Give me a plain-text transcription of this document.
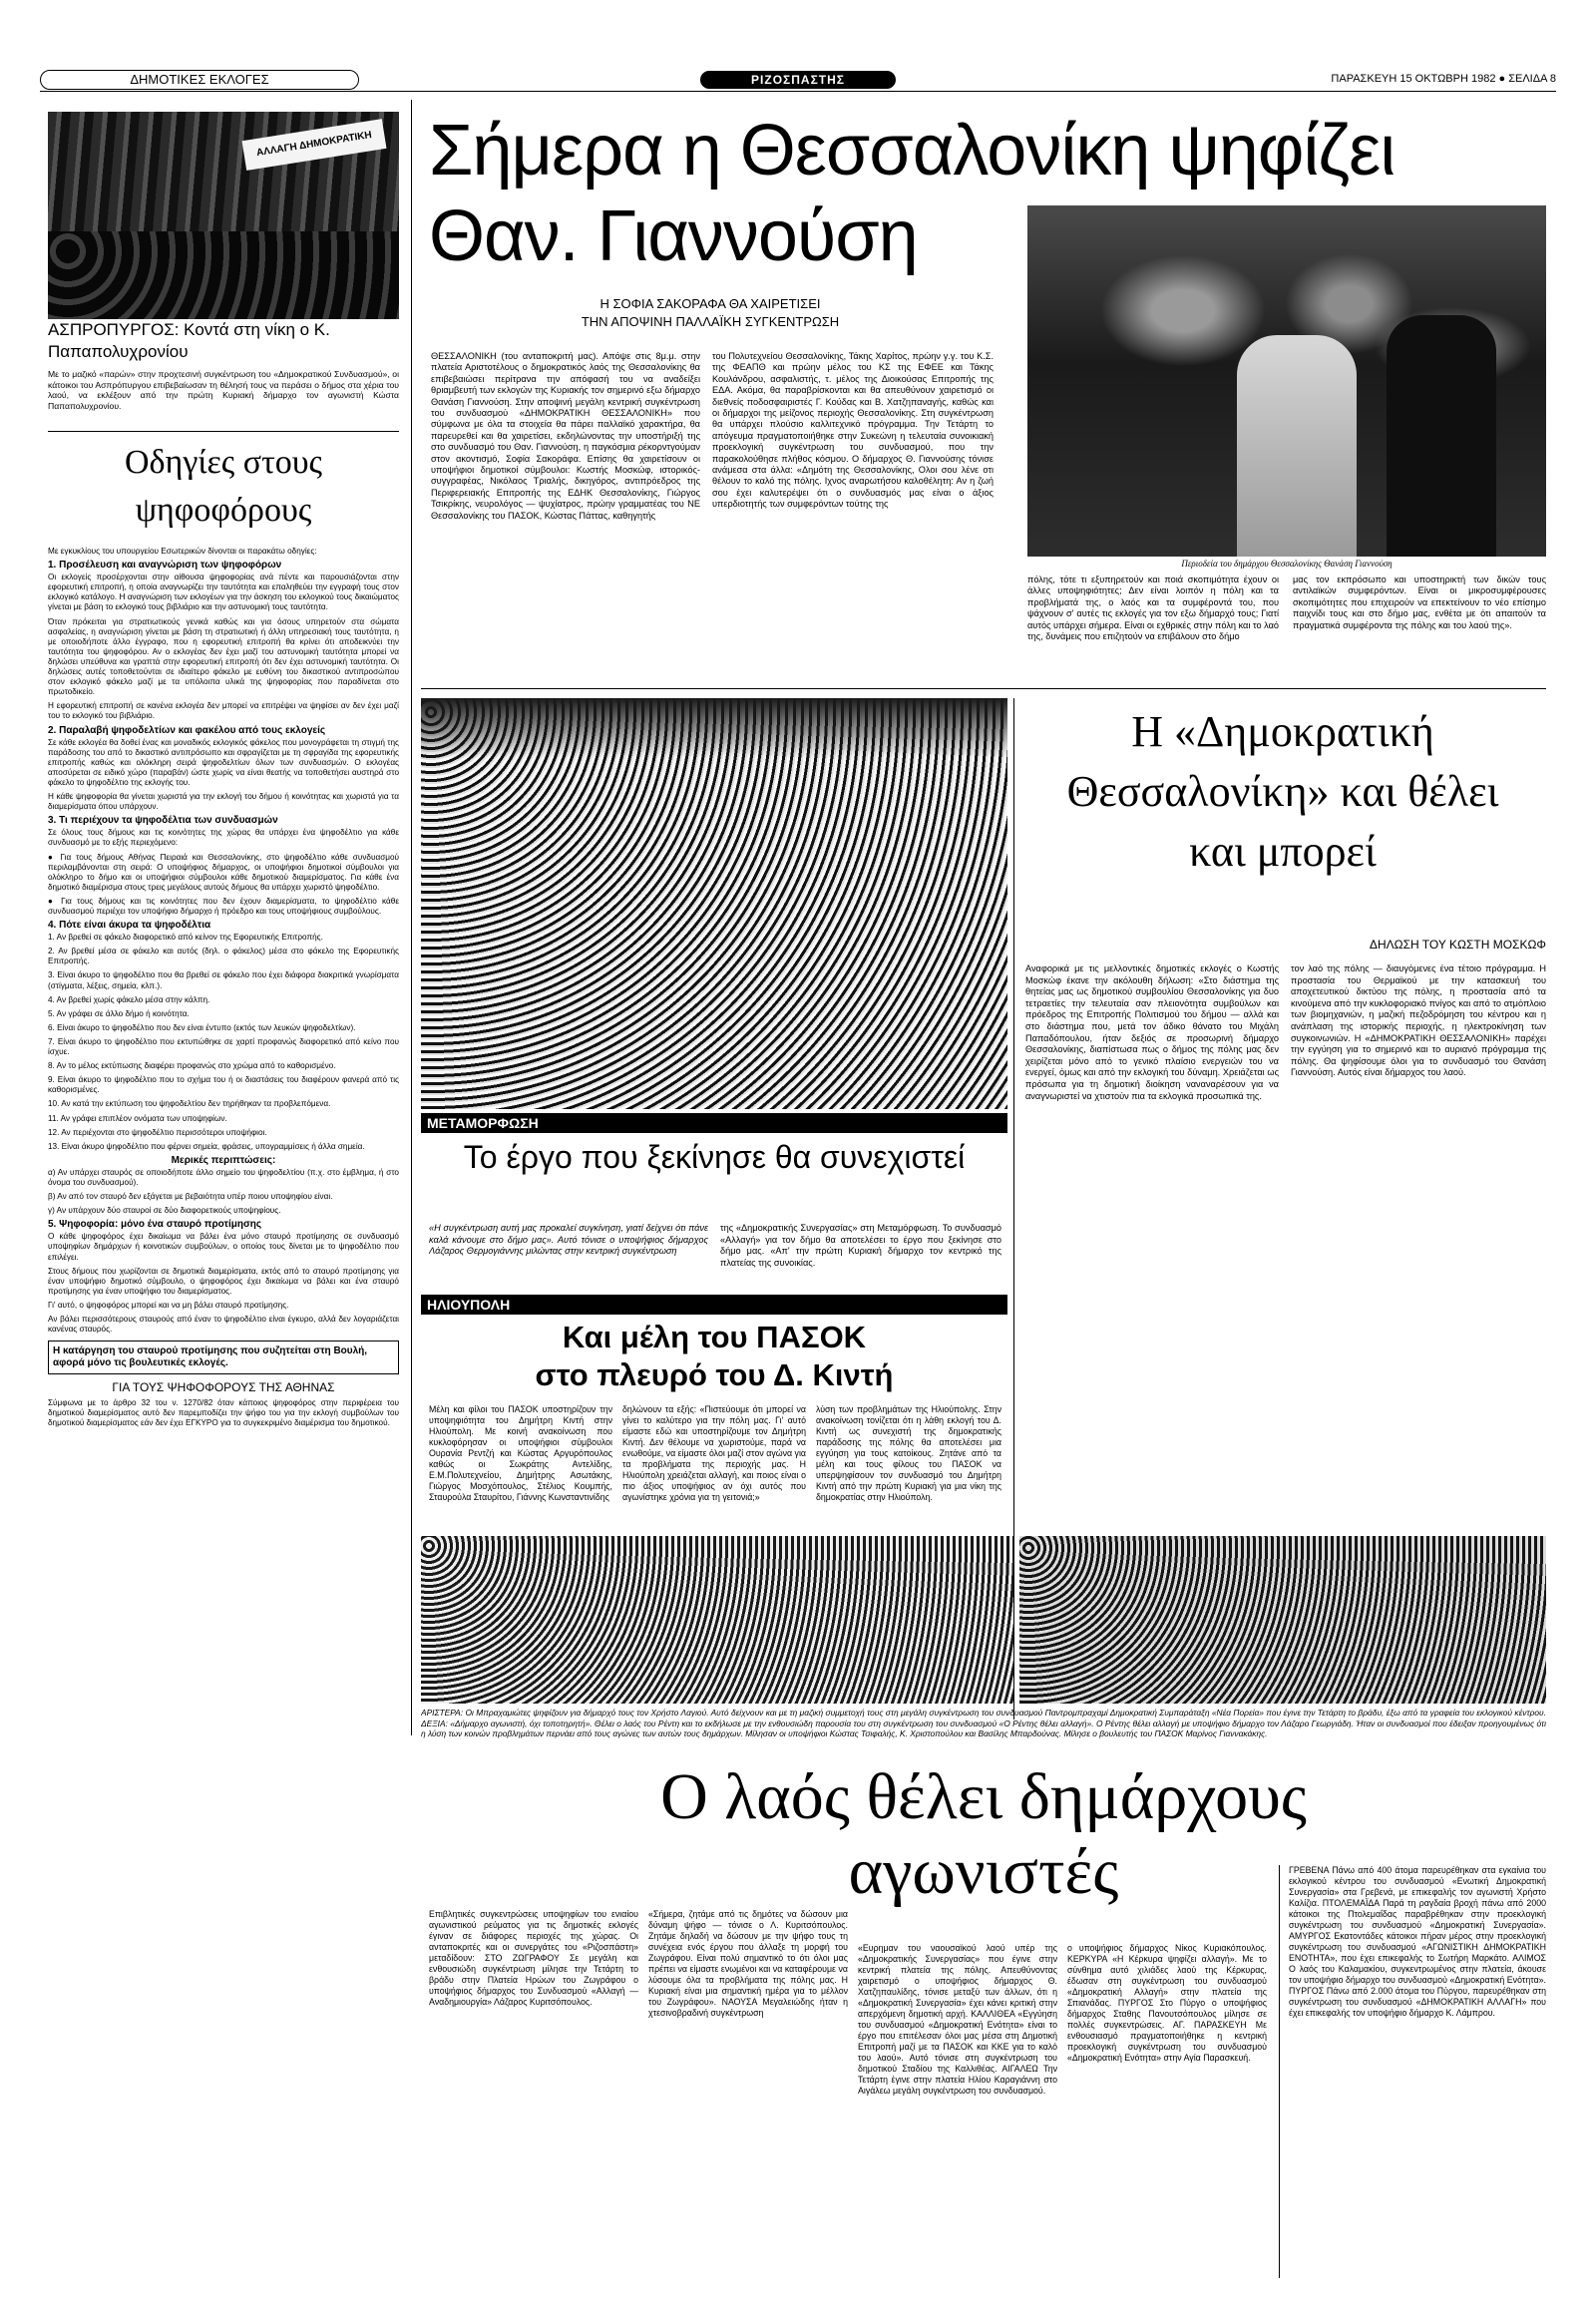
ΔΗΜΟΤΙΚΕΣ ΕΚΛΟΓΕΣ	ΡΙΖΟΣΠΑΣΤΗΣ	ΠΑΡΑΣΚΕΥΗ 15 ΟΚΤΩΒΡΗ 1982 ● ΣΕΛΙΔΑ 8
ΑΛΛΑΓΗ ΔΗΜΟΚΡΑΤΙΚΗ
ΑΣΠΡΟΠΥΡΓΟΣ: Κοντά στη νίκη ο Κ. Παπαπολυχρονίου
Με το μαζικό «παρών» στην προχτεσινή συγκέντρωση του «Δημοκρατικού Συνδυασμού», οι κάτοικοι του Ασπρόπυργου επιβεβαίωσαν τη θέλησή τους να περάσει ο δήμος στα χέρια του λαού, να εκλέξουν από την πρώτη Κυριακή δήμαρχο τον αγωνιστή Κώστα Παπαπολυχρονίου.
Οδηγίες στους ψηφοφόρους

Με εγκυκλίους του υπουργείου Εσωτερικών δίνονται οι παρακάτω οδηγίες:

1. Προσέλευση και αναγνώριση των ψηφοφόρων

Οι εκλογείς προσέρχονται στην αίθουσα ψηφοφορίας ανά πέντε και παρουσιάζονται στην εφορευτική επιτροπή, η οποία αναγνωρίζει την ταυτότητα και επαληθεύει την εγγραφή τους στον εκλογικό κατάλογο. Η αναγνώριση των εκλογέων για την άσκηση του εκλογικού τους δικαιώματος γίνεται με βάση το εκλογικό τους βιβλιάριο και την αστυνομική τους ταυτότητα.

Όταν πρόκειται για στρατιωτικούς γενικά καθώς και για όσους υπηρετούν στα σώματα ασφαλείας, η αναγνώριση γίνεται με βάση τη στρατιωτική ή άλλη υπηρεσιακή τους ταυτότητα, η με οποιοδήποτε άλλο έγγραφο, που η εφορευτική επιτροπή θα κρίνει ότι αποδεικνύει την ταυτότητα του ψηφοφόρου. Αν ο εκλογέας δεν έχει μαζί του αστυνομική ταυτότητα μπορεί να δηλώσει υπεύθυνα και γραπτά στην εφορευτική επιτροπή ότι δεν έχει αστυνομική ταυτότητα. Οι δηλώσεις αυτές τοποθετούνται σε ιδιαίτερο φάκελο με ευθύνη του δικαστικού αντιπροσώπου στον εκλογικό φάκελο μαζί με τα υπόλοιπα υλικά της ψηφοφορίας που παραδίνεται στο πρωτοδικείο.

Η εφορευτική επιτροπή σε κανένα εκλογέα δεν μπορεί να επιτρέψει να ψηφίσει αν δεν έχει μαζί του το εκλογικό του βιβλιάριο.

2. Παραλαβή ψηφοδελτίων και φακέλου από τους εκλογείς

Σε κάθε εκλογέα θα δοθεί ένας και μοναδικός εκλογικός φάκελος που μονογράφεται τη στιγμή της παράδοσης του από το δικαστικό αντιπρόσωπο και σφραγίζεται με τη σφραγίδα της εφορευτικής επιτροπής καθώς και ολόκληρη σειρά ψηφοδελτίων όλων των συνδυασμών. Ο εκλογέας αποσύρεται σε ειδικό χώρο (παραβάν) ώστε χωρίς να είναι θεατής να τοποθετήσει αυστηρά στο φάκελο το ψηφοδέλτιο της εκλογής του.

Η κάθε ψηφοφορία θα γίνεται χωριστά για την εκλογή του δήμου ή κοινότητας και χωριστά για τα διαμερίσματα όπου υπάρχουν.

3. Τι περιέχουν τα ψηφοδέλτια των συνδυασμών

Σε όλους τους δήμους και τις κοινότητες της χώρας θα υπάρχει ένα ψηφοδέλτιο για κάθε συνδυασμό με το εξής περιεχόμενο:

● Για τους δήμους Αθήνας Πειραιά και Θεσσαλονίκης, στο ψηφοδέλτιο κάθε συνδυασμού περιλαμβάνονται στη σειρά: Ο υποψήφιος δήμαρχος, οι υποψήφιοι δημοτικοί σύμβουλοι για ολόκληρο το δήμο και οι υποψήφιοι σύμβουλοι κάθε δημοτικού διαμερίσματος. Για κάθε ένα δημοτικό διαμέρισμα στους τρεις μεγάλους αυτούς δήμους θα υπάρχει χωριστό ψηφοδέλτιο.

● Για τους δήμους και τις κοινότητες που δεν έχουν διαμερίσματα, το ψηφοδέλτιο κάθε συνδυασμού περιέχει τον υποψήφιο δήμαρχο ή πρόεδρο και τους υποψήφιους συμβούλους.

4. Πότε είναι άκυρα τα ψηφοδέλτια

1. Αν βρεθεί σε φάκελο διαφορετικό από κείνον της Εφορευτικής Επιτροπής.

2. Αν βρεθεί μέσα σε φάκελο και αυτός (δηλ. ο φάκελος) μέσα στο φάκελο της Εφορευτικής Επιτροπής.

3. Είναι άκυρο το ψηφοδέλτιο που θα βρεθεί σε φάκελο που έχει διάφορα διακριτικά γνωρίσματα (στίγματα, λέξεις, σημεία, κλπ.).

4. Αν βρεθεί χωρίς φάκελο μέσα στην κάλπη.

5. Αν γράφει σε άλλο δήμο ή κοινότητα.

6. Είναι άκυρο το ψηφοδέλτιο που δεν είναι έντυπο (εκτός των λευκών ψηφοδελτίων).

7. Είναι άκυρο το ψηφοδέλτιο που εκτυπώθηκε σε χαρτί προφανώς διαφορετικό από κείνο που ίσχυε.

8. Αν το μέλος εκτύπωσης διαφέρει προφανώς στο χρώμα από το καθορισμένο.

9. Είναι άκυρο το ψηφοδέλτιο που το σχήμα του ή οι διαστάσεις του διαφέρουν φανερά από τις καθορισμένες.

10. Αν κατά την εκτύπωση του ψηφοδελτίου δεν τηρήθηκαν τα προβλεπόμενα.

11. Αν γράφει επιπλέον ονόματα των υποψηφίων.

12. Αν περιέχονται στο ψηφοδέλτιο περισσότεροι υποψήφιοι.

13. Είναι άκυρο ψηφοδέλτιο που φέρνει σημεία, φράσεις, υπογραμμίσεις ή άλλα σημεία.

Μερικές περιπτώσεις:

α) Αν υπάρχει σταυρός σε οποιοδήποτε άλλο σημείο του ψηφοδελτίου (π.χ. στο έμβλημα, ή στο όνομα του συνδυασμού).

β) Αν από τον σταυρό δεν εξάγεται με βεβαιότητα υπέρ ποιου υποψηφίου είναι.

γ) Αν υπάρχουν δύο σταυροί σε δύο διαφορετικούς υποψηφίους.

5. Ψηφοφορία: μόνο ένα σταυρό προτίμησης

Ο κάθε ψηφοφόρος έχει δικαίωμα να βάλει ένα μόνο σταυρό προτίμησης σε συνδυασμό υποψηφίων δημάρχων ή κοινοτικών συμβούλων, ο οποίος τους δίνεται με το ψηφοδέλτιο που επιλέγει.

Στους δήμους που χωρίζονται σε δημοτικά διαμερίσματα, εκτός από το σταυρό προτίμησης για έναν υποψήφιο δημοτικό σύμβουλο, ο ψηφοφόρος έχει δικαίωμα να βάλει και ένα σταυρό προτίμησης για έναν υποψήφιο του διαμερίσματος.

Γι' αυτό, ο ψηφοφόρος μπορεί και να μη βάλει σταυρό προτίμησης.

Αν βάλει περισσότερους σταυρούς από έναν το ψηφοδέλτιο είναι έγκυρο, αλλά δεν λογαριάζεται κανένας σταυρός.

Η κατάργηση του σταυρού προτίμησης που συζητείται στη Βουλή, αφορά μόνο τις βουλευτικές εκλογές.
ΓΙΑ ΤΟΥΣ ΨΗΦΟΦΟΡΟΥΣ ΤΗΣ ΑΘΗΝΑΣ

Σύμφωνα με το άρθρο 32 του ν. 1270/82 όταν κάποιος ψηφοφόρος στην περιφέρεια του δημοτικού διαμερίσματος αυτό δεν παρεμποδίζει την ψήφο του για την εκλογή συμβούλων του δημοτικού διαμερίσματος εάν δεν έχει ΕΓΚΥΡΟ για το συγκεκριμένο διαμέρισμα του δημοτικού.

Σήμερα η Θεσσαλονίκη ψηφίζει
Θαν. Γιαννούση
Η ΣΟΦΙΑ ΣΑΚΟΡΑΦΑ ΘΑ ΧΑΙΡΕΤΙΣΕΙ
ΤΗΝ ΑΠΟΨΙΝΗ ΠΑΛΛΑΪΚΗ ΣΥΓΚΕΝΤΡΩΣΗ
ΘΕΣΣΑΛΟΝΙΚΗ (του ανταποκριτή μας). Απόψε στις 8μ.μ. στην πλατεία Αριστοτέλους ο δημοκρατικός λαός της Θεσσαλονίκης θα επιβεβαιώσει περίτρανα την απόφασή του να αναδείξει θριαμβευτή των εκλογών της Κυριακής τον σημερινό εξω δήμαρχο Θανάση Γιαννούση. Στην αποψινή μεγάλη κεντρική συγκέντρωση του συνδυασμού «ΔΗΜΟΚΡΑΤΙΚΗ ΘΕΣΣΑΛΟΝΙΚΗ» που σύμφωνα με όλα τα στοιχεία θα πάρει παλλαϊκό χαρακτήρα, θα παρευρεθεί και θα χαιρετίσει, εκδηλώνοντας την υποστήριξή της στο συνδυασμό του Θαν. Γιαννούση, η παγκόσμια ρέκορντγούμαν στον ακοντισμό, Σοφία Σακοράφα. Επίσης θα χαιρετίσουν οι υποψήφιοι δημοτικοί σύμβουλοι: Κωστής Μοσκώφ, ιστορικός-συγγραφέας, Νικόλαος Τριαλής, δικηγόρος, αντιπρόεδρος της Περιφερειακής Επιτροπής της ΕΔΗΚ Θεσσαλονίκης, Γιώργος Τσικρίκης, νευρολόγος — ψυχίατρος, πρώην γραμματέας του ΝΕ Θεσσαλονίκης του ΠΑΣΟΚ, Κώστας Πάττας, καθηγητής
του Πολυτεχνείου Θεσσαλονίκης, Τάκης Χαρίτος, πρώην γ.γ. του Κ.Σ. της ΦΕΑΠΘ και πρώην μέλος του ΚΣ της ΕΦΕΕ και Τάκης Κουλάνδρου, ασφαλιστής, τ. μέλος της Διοικούσας Επιτροπής της ΕΔΑ. Ακόμα, θα παραβρίσκονται και θα απευθύνουν χαιρετισμό οι διεθνείς ποδοσφαιριστές Γ. Κούδας και Β. Χατζηπαναγής, καθώς και οι δήμαρχοι της μείζονος περιοχής Θεσσαλονίκης. Στη συγκέντρωση θα υπάρχει πλούσιο καλλιτεχνικό πρόγραμμα. Την Τετάρτη το απόγευμα πραγματοποιήθηκε στην Συκεώνη η τελευταία συνοικιακή προεκλογική συγκέντρωση του συνδυασμού, που την παρακολούθησε πλήθος κόσμου. Ο δήμαρχος Θ. Γιαννούσης τόνισε ανάμεσα στα άλλα: «Δημότη της Θεσσαλονίκης, Ολοι σου λένε οτι θέλουν το καλό της πόλης. Ιχνος αναρωτήσου καλοθέλητη: Αν η ζωή σου έχει καλυτερέψει ότι ο συνδυασμός μας είναι ο άξιος υπερδιοτητής των συμφερόντων τούτης της
Περιοδεία του δημάρχου Θεσσαλονίκης Θανάση Γιαννούση
πόλης, τότε τι εξυπηρετούν και ποιά σκοπιμότητα έχουν οι άλλες υποψηφιότητες; Δεν είναι λοιπόν η πόλη και τα προβλήματά της, ο λαός και τα συμφέροντά του, που ψάχνουν σ' αυτές τις εκλογές για τον εξω δήμαρχό τους; Γιατί αυτός υπάρχει σήμερα. Είναι οι εχθρικές στην πόλη και το λαό της, δυνάμεις που επιζητούν να επιβάλουν στο δήμο
μας τον εκπρόσωπο και υποστηρικτή των δικών τους αντιλαϊκών συμφερόντων. Είναι οι μικροσυμφέρουσες σκοπιμότητες που επιχειρούν να επεκτείνουν το νέο επίσημο παιχνίδι τους και στο δήμο μας, ενθέτα με ότι απαιτούν τα πραγματικά συμφέροντα της πόλης και του λαού της».
ΜΕΤΑΜΟΡΦΩΣΗ
Το έργο που ξεκίνησε θα συνεχιστεί
«Η συγκέντρωση αυτή μας προκαλεί συγκίνηση, γιατί δείχνει ότι πάνε καλά κάνουμε στο δήμο μας». Αυτό τόνισε ο υποψήφιος δήμαρχος Λάζαρος Θερμογιάννης μιλώντας στην κεντρική συγκέντρωση
της «Δημοκρατικής Συνεργασίας» στη Μεταμόρφωση. Το συνδυασμό «Αλλαγή» για τον δήμο θα αποτελέσει το έργο που ξεκίνησε στο δήμο μας. «Απ' την πρώτη Κυριακή δήμαρχο τον κεντρικό της πλατείας της συνοικίας.
Η «Δημοκρατική Θεσσαλονίκη» και θέλει και μπορεί
ΔΗΛΩΣΗ ΤΟΥ ΚΩΣΤΗ ΜΟΣΚΩΦ
Αναφορικά με τις μελλοντικές δημοτικές εκλογές ο Κωστής Μοσκώφ έκανε την ακόλουθη δήλωση: «Στο διάστημα της θητείας μας ως δημοτικού συμβουλίου Θεσσαλονίκης για δυο τετραετίες την τελευταία σαν πλειονότητα συμβούλων και πρόεδρος της Επιτροπής Πολιτισμού του δήμου — αλλά και στο διάστημα που, μετά τον άδικο θάνατο του Μιχάλη Παπαδόπουλου, ήταν δεξιός σε προσωρινή δήμαρχο Θεσσαλονίκης, διαπίστωσα πως ο δήμος της πόλης μας δεν χειρίζεται μόνο από το γενικό πλαίσιο ενεργειών του να ενεργεί, όμως και από την εκλογική του δύναμη. Χρειάζεται ως πρόσωπα για τη δημοτική διοίκηση ναναναρέσουν για να αναγνωριστεί να χτιστούν πια τα εκλογικά προσωπικά της.
τον λαό της πόλης — διαυγόμενες ένα τέτοιο πρόγραμμα. Η προστασία του Θερμαϊκού με την κατασκευή του αποχετευτικού δικτύου της πόλης, η προστασία από τα κινούμενα από την κυκλοφοριακό πνίγος και από το ατμόπλοιο των βιομηχανιών, η μαζική πεζοδρόμηση του κέντρου και η ανάπλαση της ιστορικής περιοχής, η ηλεκτροκίνηση των συγκοινωνιών. Η «ΔΗΜΟΚΡΑΤΙΚΗ ΘΕΣΣΑΛΟΝΙΚΗ» παρέχει την εγγύηση για το σημερινό και το αυριανό πρόγραμμα της πόλης. Θα ψηφίσουμε όλοι για το συνδυασμό του Θανάση Γιαννούση. Αυτός είναι δήμαρχος του λαού.
ΗΛΙΟΥΠΟΛΗ
Και μέλη του ΠΑΣΟΚ
στο πλευρό του Δ. Κιντή
Μέλη και φίλοι του ΠΑΣΟΚ υποστηρίζουν την υποψηφιότητα του Δημήτρη Κιντή στην Ηλιούπολη. Με κοινή ανακοίνωση που κυκλοφόρησαν οι υποψήφιοι σύμβουλοι Ουρανία Ρεντζή και Κώστας Αργυρόπουλος καθώς οι Σωκράτης Αντελίδης, Ε.Μ.Πολυτεχνείου, Δημήτρης Ασωτάκης, Γιώργος Μοσχόπουλος, Στέλιος Κουμπής, Σταυρούλα Σταυρίτου, Γιάννης Κωνσταντινίδης
δηλώνουν τα εξής: «Πιστεύουμε ότι μπορεί να γίνει το καλύτερο για την πόλη μας. Γι' αυτό είμαστε εδώ και υποστηρίζουμε τον Δημήτρη Κιντή. Δεν θέλουμε να χωριστούμε, παρά να ενωθούμε, να είμαστε όλοι μαζί στον αγώνα για τα προβλήματα της περιοχής μας. Η Ηλιούπολη χρειάζεται αλλαγή, και ποιος είναι ο πιο άξιος υποψήφιος αν όχι αυτός που αγωνίστηκε χρόνια για τη γειτονιά;»
λύση των προβλημάτων της Ηλιούπολης. Στην ανακοίνωση τονίζεται ότι η λάθη εκλογή του Δ. Κιντή ως συνεχιστή της δημοκρατικής παράδοσης της πόλης θα αποτελέσει μια εγγύηση για τους κατοίκους. Ζητάνε από τα μέλη και τους φίλους του ΠΑΣΟΚ να υπερψηφίσουν τον συνδυασμό του Δημήτρη Κιντή από την πρώτη Κυριακή για μια νίκη της δημοκρατίας στην Ηλιούπολη.
ΑΡΙΣΤΕΡΑ: Οι Μπραχαμιώτες ψηφίζουν για δήμαρχό τους τον Χρήστο Λαγιού. Αυτό δείχνουν και με τη μαζική συμμετοχή τους στη μεγάλη συγκέντρωση του συνδυασμού Παντρομπραχαμί Δημοκρατική Συμπαράταξη «Νέα Πορεία» που έγινε την Τετάρτη το βράδυ, έξω από τα γραφεία του εκλογικού κέντρου. ΔΕΞΙΑ: «Δήμαρχο αγωνιστή, όχι τοποτηρητή». Θέλει ο λαός του Ρέντη και το εκδήλωσε με την ενθουσιώδη παρουσία του στη συγκέντρωση του συνδυασμού «Ο Ρέντης θέλει αλλαγή». Ο Ρέντης θέλει αλλαγή με υποψήφιο δήμαρχο τον Λάζαρο Γεωργιάδη. Ήταν οι συνδυασμοί που έδειξαν προηγουμένως ότι η λύση των κοινών προβλημάτων περνάει από τους αγώνες των αυτών τους δημάρχων. Μίλησαν οι υποψήφιοι Κώστας Τσιφαλής, Κ. Χριστοπούλου και Βασίλης Μπαρδούνας. Μίλησε ο βουλευτής του ΠΑΣΟΚ Μαρίνος Γιαννακάκης.
Ο λαός θέλει δημάρχους
αγωνιστές
Επιβλητικές συγκεντρώσεις υποψηφίων του ενιαίου αγωνιστικού ρεύματος για τις δημοτικές εκλογές έγιναν σε διάφορες περιοχές της χώρας. Οι ανταποκριτές και οι συνεργάτες του «Ριζοσπάστη» μεταδίδουν: ΣΤΟ ΖΩΓΡΑΦΟΥ Σε μεγάλη και ενθουσιώδη συγκέντρωση μίλησε την Τετάρτη το βράδυ στην Πλατεία Ηρώων του Ζωγράφου ο υποψήφιος δήμαρχος του Συνδυασμού «Αλλαγή — Αναδημιουργία» Λάζαρος Κυριτσόπουλος.
«Σήμερα, ζητάμε από τις δημότες να δώσουν μια δύναμη ψήφο — τόνισε ο Λ. Κυριτσόπουλος. Ζητάμε δηλαδή να δώσουν με την ψήφο τους τη συνέχεια ενός έργου που άλλαξε τη μορφή του Ζωγράφου. Είναι πολύ σημαντικό το ότι όλοι μας πρέπει να είμαστε ενωμένοι και να καταφέρουμε να λύσουμε όλα τα προβλήματα της πόλης μας. Η Κυριακή είναι μια σημαντική ημέρα για το μέλλον του Ζωγράφου». ΝΑΟΥΣΑ Μεγαλειώδης ήταν η χτεσινοβραδινή συγκέντρωση
«Ευρημαν του ναουσαϊκού λαού υπέρ της «Δημοκρατικής Συνεργασίας» που έγινε στην κεντρική πλατεία της πόλης. Απευθύνοντας χαιρετισμό ο υποψήφιος δήμαρχος Θ. Χατζηπαυλίδης, τόνισε μεταξύ των άλλων, ότι η «Δημοκρατική Συνεργασία» έχει κάνει κριτική στην απερχόμενη δημοτική αρχή. ΚΑΛΛΙΘΕΑ «Εγγύηση του συνδυασμού «Δημοκρατική Ενότητα» είναι το έργο που επιτέλεσαν όλοι μας μέσα στη Δημοτική Επιτροπή μαζί με τα ΠΑΣΟΚ και ΚΚΕ για το καλό του λαού». Αυτό τόνισε στη συγκέντρωση του δημοτικού Σταδίου της Καλλιθέας. ΑΙΓΑΛΕΩ Την Τετάρτη έγινε στην πλατεία Ηλίου Καραγιάννη στο Αιγάλεω μεγάλη συγκέντρωση του συνδυασμού.
ο υποψήφιος δήμαρχος Νίκος Κυριακόπουλος. ΚΕΡΚΥΡΑ «Η Κέρκυρα ψηφίζει αλλαγή». Με το σύνθημα αυτό χιλιάδες λαού της Κέρκυρας, έδωσαν στη συγκέντρωση του συνδυασμού «Δημοκρατική Αλλαγή» στην πλατεία της Σπιανάδας. ΠΥΡΓΟΣ Στο Πύργο ο υποψήφιος δήμαρχος Σταθης Πανουτσόπουλος μίλησε σε πολλές συγκεντρώσεις. ΑΓ. ΠΑΡΑΣΚΕΥΗ Με ενθουσιασμό πραγματοποιήθηκε η κεντρική προεκλογική συγκέντρωση του συνδυασμού «Δημοκρατική Ενότητα» στην Αγία Παρασκευή.
ΓΡΕΒΕΝΑ Πάνω από 400 άτομα παρευρέθηκαν στα εγκαίνια του εκλογικού κέντρου του συνδυασμού «Ενωτική Δημοκρατική Συνεργασία» στα Γρεβενά, με επικεφαλής τον αγωνιστή Χρήστο Καλίζια. ΠΤΟΛΕΜΑΪΔΑ Παρά τη ραγδαία βροχή πάνω από 2000 κάτοικοι της Πτολεμαΐδας παραβρέθηκαν στην προεκλογική συγκέντρωση του συνδυασμού «Δημοκρατική Συνεργασία». ΑΜΥΡΓΟΣ Εκατοντάδες κάτοικοι πήραν μέρος στην προεκλογική συγκέντρωση του συνδυασμού «ΑΓΩΝΙΣΤΙΚΗ ΔΗΜΟΚΡΑΤΙΚΗ ΕΝΟΤΗΤΑ», που έχει επικεφαλής το Σωτήρη Μαρκάτο. ΑΛΙΜΟΣ Ο λαός του Καλαμακίου, συγκεντρωμένος στην πλατεία, άκουσε τον υποψήφιο δήμαρχο του συνδυασμού «Δημοκρατική Ενότητα». ΠΥΡΓΟΣ Πάνω από 2.000 άτομα του Πύργου, παρευρέθηκαν στη συγκέντρωση του συνδυασμού «ΔΗΜΟΚΡΑΤΙΚΗ ΑΛΛΑΓΗ» που έχει επικεφαλής τον υποψήφιο δήμαρχο Κ. Λάμπρου.
